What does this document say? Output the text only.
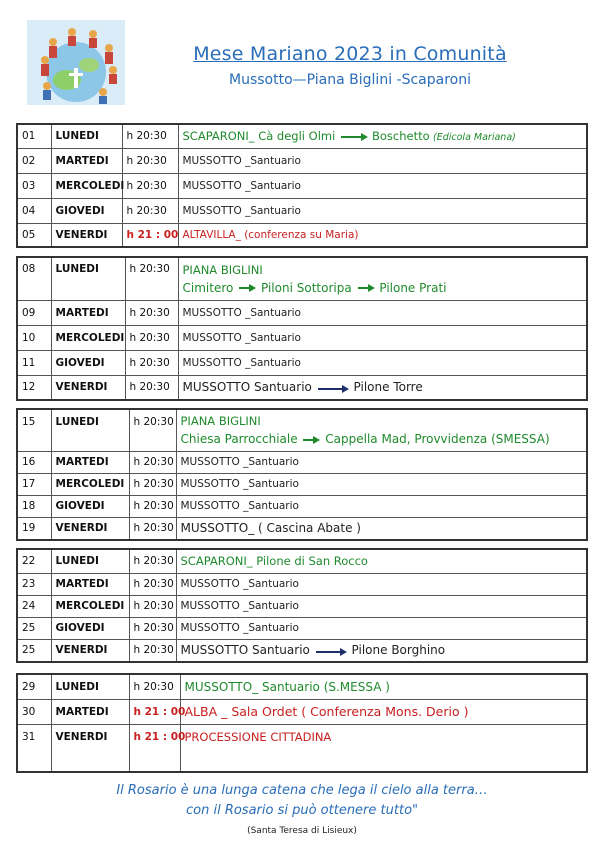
Mese Mariano 2023 in Comunità
Mussotto—Piana Biglini -Scaparoni
01	LUNEDI	h 20:30	SCAPARONI_ Cà degli Olmi Boschetto (Edicola Mariana)
02	MARTEDI	h 20:30	MUSSOTTO _Santuario
03	MERCOLEDI	h 20:30	MUSSOTTO _Santuario
04	GIOVEDI	h 20:30	MUSSOTTO _Santuario
05	VENERDI	h 21 : 00	ALTAVILLA_ (conferenza su Maria)
08	LUNEDI	h 20:30	PIANA BIGLINI
Cimitero Piloni Sottoripa Pilone Prati

09	MARTEDI	h 20:30	MUSSOTTO _Santuario
10	MERCOLEDI	h 20:30	MUSSOTTO _Santuario
11	GIOVEDI	h 20:30	MUSSOTTO _Santuario
12	VENERDI	h 20:30	MUSSOTTO Santuario Pilone Torre
15	LUNEDI	h 20:30	PIANA BIGLINI
Chiesa Parrocchiale Cappella Mad, Provvidenza (SMESSA)

16	MARTEDI	h 20:30	MUSSOTTO _Santuario
17	MERCOLEDI	h 20:30	MUSSOTTO _Santuario
18	GIOVEDI	h 20:30	MUSSOTTO _Santuario
19	VENERDI	h 20:30	MUSSOTTO_ ( Cascina Abate )
22	LUNEDI	h 20:30	SCAPARONI_ Pilone di San Rocco
23	MARTEDI	h 20:30	MUSSOTTO _Santuario
24	MERCOLEDI	h 20:30	MUSSOTTO _Santuario
25	GIOVEDI	h 20:30	MUSSOTTO _Santuario
25	VENERDI	h 20:30	MUSSOTTO Santuario Pilone Borghino
29	LUNEDI	h 20:30	MUSSOTTO_ Santuario (S.MESSA )
30	MARTEDI	h 21 : 00	ALBA _ Sala Ordet ( Conferenza Mons. Derio )
31	VENERDI	h 21 : 00	PROCESSIONE CITTADINA
Il Rosario è una lunga catena che lega il cielo alla terra…
con il Rosario si può ottenere tutto"
(Santa Teresa di Lisieux)
